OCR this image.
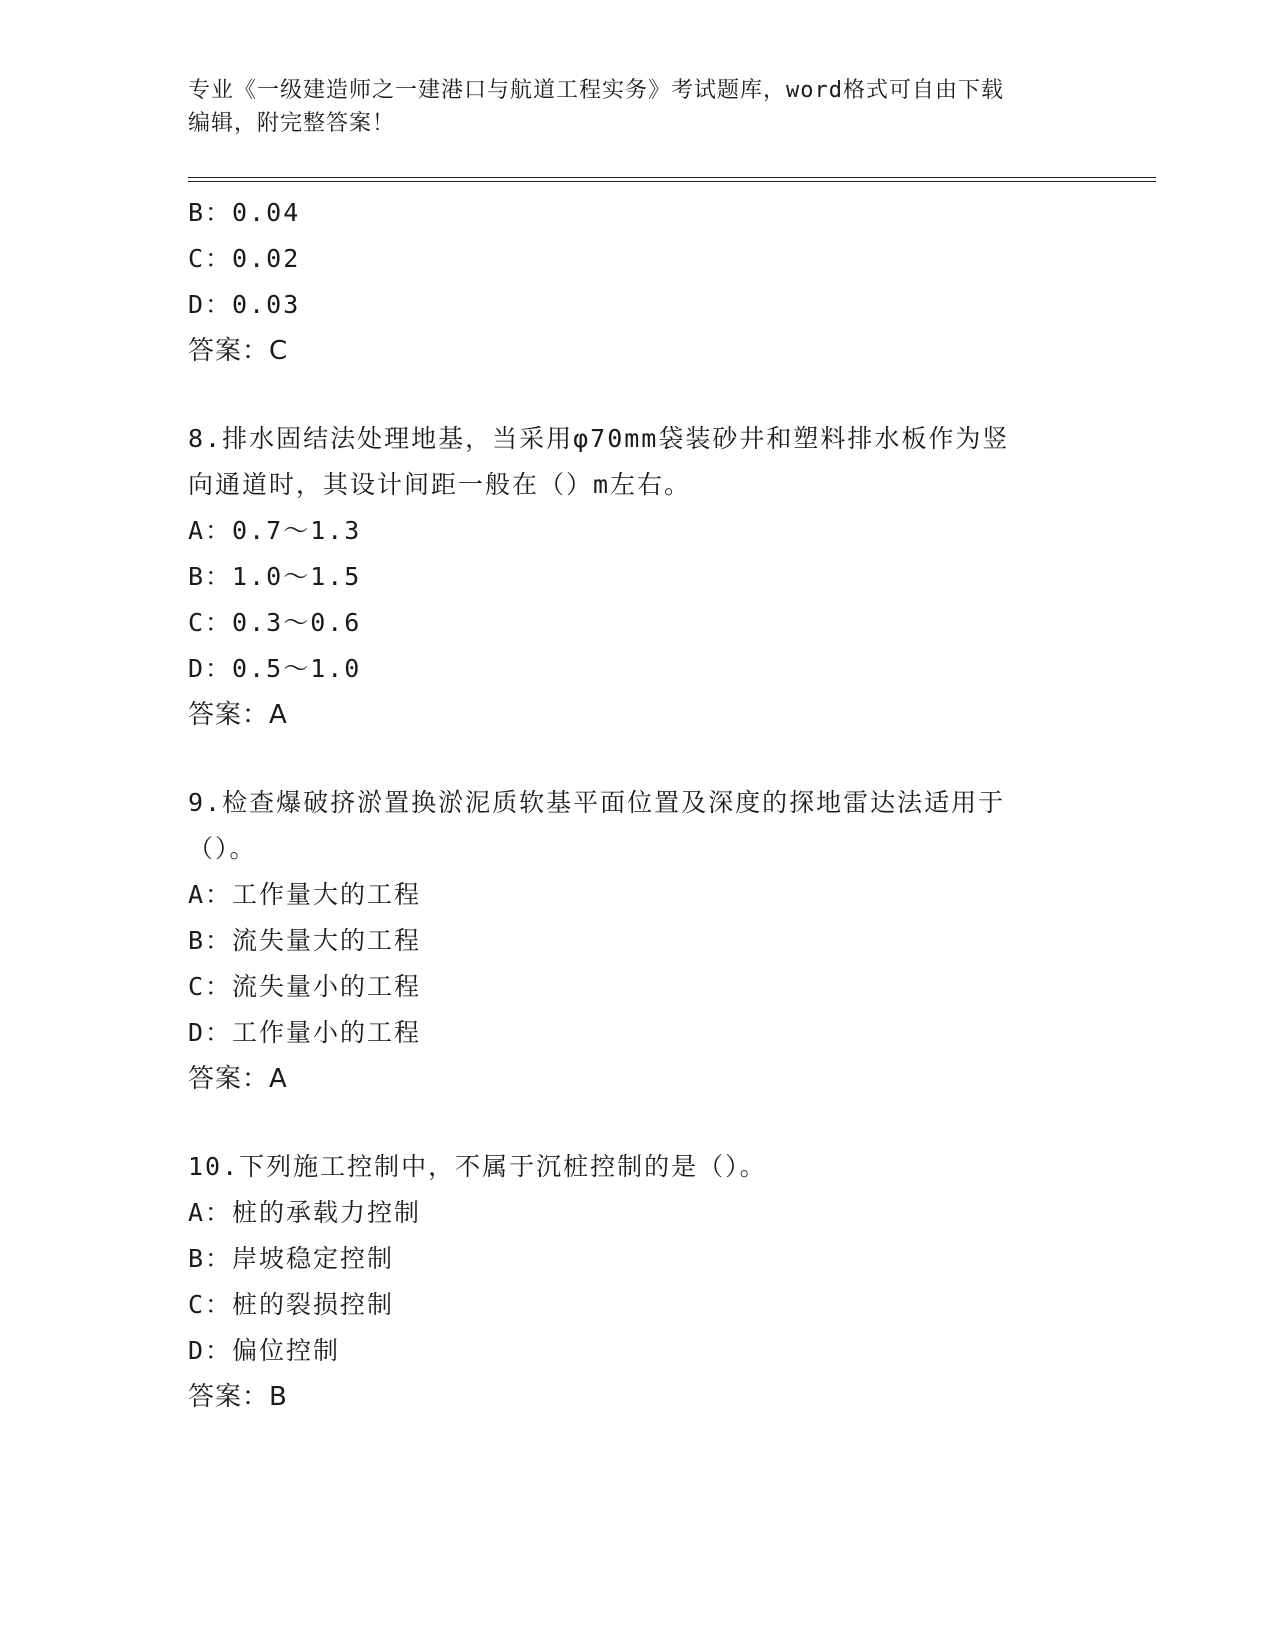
专业《一级建造师之一建港口与航道工程实务》考试题库，word格式可自由下载
编辑，附完整答案！
B：0.04
C：0.02
D：0.03
答案：C
8.排水固结法处理地基，当采用φ70mm袋装砂井和塑料排水板作为竖
向通道时，其设计间距一般在（）m左右。
A：0.7～1.3
B：1.0～1.5
C：0.3～0.6
D：0.5～1.0
答案：A
9.检查爆破挤淤置换淤泥质软基平面位置及深度的探地雷达法适用于
（）。
A：工作量大的工程
B：流失量大的工程
C：流失量小的工程
D：工作量小的工程
答案：A
10.下列施工控制中，不属于沉桩控制的是（）。
A：桩的承载力控制
B：岸坡稳定控制
C：桩的裂损控制
D：偏位控制
答案：B
